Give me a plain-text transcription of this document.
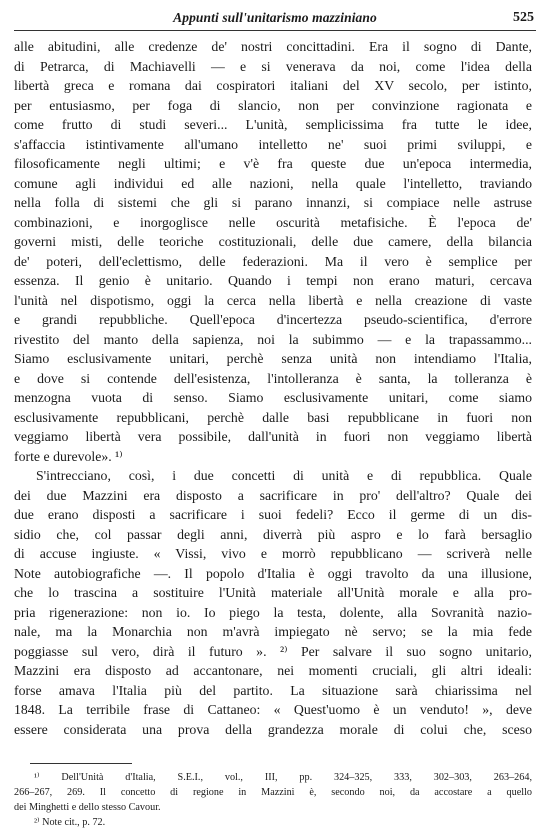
Appunti sull'unitarismo mazziniano	525
alle abitudini, alle credenze de' nostri concittadini. Era il sogno di Dante,
di Petrarca, di Machiavelli — e si venerava da noi, come l'idea della
libertà greca e romana dai cospiratori italiani del XV secolo, per istinto,
per entusiasmo, per foga di slancio, non per convinzione ragionata e
come frutto di studi severi... L'unità, semplicissima fra tutte le idee,
s'affaccia istintivamente all'umano intelletto ne' suoi primi sviluppi, e
filosoficamente negli ultimi; e v'è fra queste due un'epoca intermedia,
comune agli individui ed alle nazioni, nella quale l'intelletto, traviando
nella folla di sistemi che gli si parano innanzi, si compiace nelle astruse
combinazioni, e inorgoglisce nelle oscurità metafisiche. È l'epoca de'
governi misti, delle teoriche costituzionali, delle due camere, della bilancia
de' poteri, dell'eclettismo, delle federazioni. Ma il vero è semplice per
essenza. Il genio è unitario. Quando i tempi non erano maturi, cercava
l'unità nel dispotismo, oggi la cerca nella libertà e nella creazione di vaste
e grandi repubbliche. Quell'epoca d'incertezza pseudo-scientifica, d'errore
rivestito del manto della sapienza, noi la subimmo — e la trapassammo...
Siamo esclusivamente unitari, perchè senza unità non intendiamo l'Italia,
e dove si contende dell'esistenza, l'intolleranza è santa, la tolleranza è
menzogna vuota di senso. Siamo esclusivamente unitari, come siamo
esclusivamente repubblicani, perchè dalle basi repubblicane in fuori non
veggiamo libertà vera possibile, dall'unità in fuori non veggiamo libertà
forte e durevole». ¹⁾
S'intrecciano, così, i due concetti di unità e di repubblica. Quale
dei due Mazzini era disposto a sacrificare in pro' dell'altro? Quale dei
due erano disposti a sacrificare i suoi fedeli? Ecco il germe di un dis-
sidio che, col passar degli anni, diverrà più aspro e lo farà bersaglio
di accuse ingiuste. « Vissi, vivo e morrò repubblicano — scriverà nelle
Note autobiografiche —. Il popolo d'Italia è oggi travolto da una illusione,
che lo trascina a sostituire l'Unità materiale all'Unità morale e alla pro-
pria rigenerazione: non io. Io piego la testa, dolente, alla Sovranità nazio-
nale, ma la Monarchia non m'avrà impiegato nè servo; se la mia fede
poggiasse sul vero, dirà il futuro ». ²⁾ Per salvare il suo sogno unitario,
Mazzini era disposto ad accantonare, nei momenti cruciali, gli altri ideali:
forse amava l'Italia più del partito. La situazione sarà chiarissima nel
1848. La terribile frase di Cattaneo: « Quest'uomo è un venduto! », deve
essere considerata una prova della grandezza morale di colui che, sceso
¹⁾ Dell'Unità d'Italia, S.E.I., vol., III, pp. 324–325, 333, 302–303, 263–264,
266–267, 269. Il concetto di regione in Mazzini è, secondo noi, da accostare a quello
dei Minghetti e dello stesso Cavour.
²⁾ Note cit., p. 72.
